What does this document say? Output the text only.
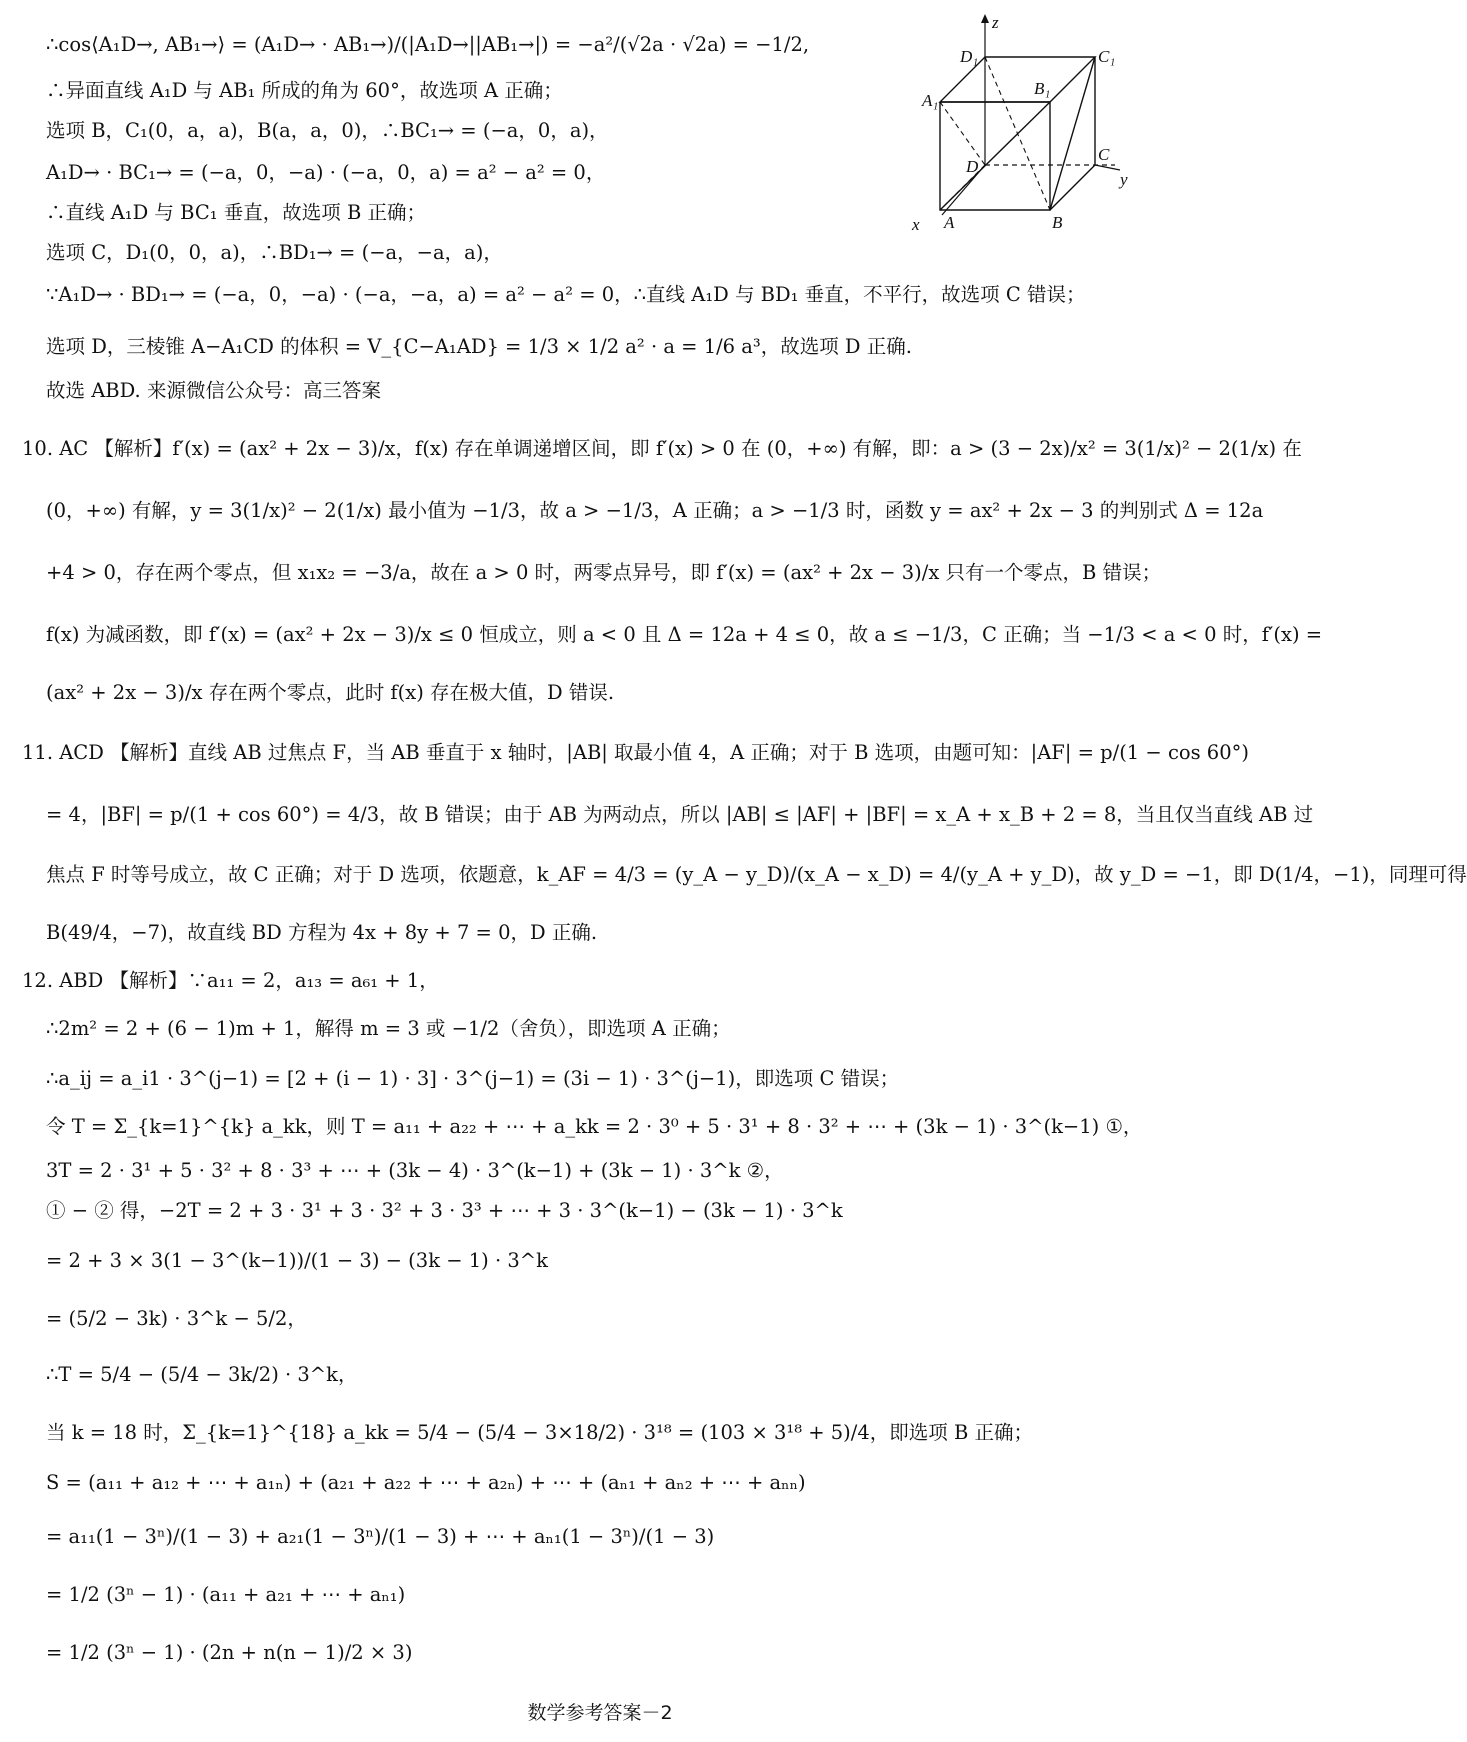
z
y
x
D₁	C₁
A₁
B₁
D
C
A	B
∴cos⟨A₁D→, AB₁→⟩ = (A₁D→ · AB₁→)/(|A₁D→||AB₁→|) = −a²/(√2a · √2a) = −1/2,
∴异面直线 A₁D 与 AB₁ 所成的角为 60°，故选项 A 正确；
选项 B，C₁(0，a，a)，B(a，a，0)，∴BC₁→ = (−a，0，a)，
A₁D→ · BC₁→ = (−a，0，−a) · (−a，0，a) = a² − a² = 0，
∴直线 A₁D 与 BC₁ 垂直，故选项 B 正确；
选项 C，D₁(0，0，a)，∴BD₁→ = (−a，−a，a)，
∵A₁D→ · BD₁→ = (−a，0，−a) · (−a，−a，a) = a² − a² = 0，∴直线 A₁D 与 BD₁ 垂直，不平行，故选项 C 错误；
选项 D，三棱锥 A−A₁CD 的体积 = V_{C−A₁AD} = 1/3 × 1/2 a² · a = 1/6 a³，故选项 D 正确.
故选 ABD. 来源微信公众号：高三答案
10. AC 【解析】f′(x) = (ax² + 2x − 3)/x，f(x) 存在单调递增区间，即 f′(x) > 0 在 (0，+∞) 有解，即：a > (3 − 2x)/x² = 3(1/x)² − 2(1/x) 在
(0，+∞) 有解，y = 3(1/x)² − 2(1/x) 最小值为 −1/3，故 a > −1/3，A 正确；a > −1/3 时，函数 y = ax² + 2x − 3 的判别式 Δ = 12a
+4 > 0，存在两个零点，但 x₁x₂ = −3/a，故在 a > 0 时，两零点异号，即 f′(x) = (ax² + 2x − 3)/x 只有一个零点，B 错误；
f(x) 为减函数，即 f′(x) = (ax² + 2x − 3)/x ≤ 0 恒成立，则 a < 0 且 Δ = 12a + 4 ≤ 0，故 a ≤ −1/3，C 正确；当 −1/3 < a < 0 时，f′(x) =
(ax² + 2x − 3)/x 存在两个零点，此时 f(x) 存在极大值，D 错误.
11. ACD 【解析】直线 AB 过焦点 F，当 AB 垂直于 x 轴时，|AB| 取最小值 4，A 正确；对于 B 选项，由题可知：|AF| = p/(1 − cos 60°)
= 4，|BF| = p/(1 + cos 60°) = 4/3，故 B 错误；由于 AB 为两动点，所以 |AB| ≤ |AF| + |BF| = x_A + x_B + 2 = 8，当且仅当直线 AB 过
焦点 F 时等号成立，故 C 正确；对于 D 选项，依题意，k_AF = 4/3 = (y_A − y_D)/(x_A − x_D) = 4/(y_A + y_D)，故 y_D = −1，即 D(1/4，−1)，同理可得
B(49/4，−7)，故直线 BD 方程为 4x + 8y + 7 = 0，D 正确.
12. ABD 【解析】∵a₁₁ = 2，a₁₃ = a₆₁ + 1，
∴2m² = 2 + (6 − 1)m + 1，解得 m = 3 或 −1/2（舍负），即选项 A 正确；
∴a_ij = a_i1 · 3^(j−1) = [2 + (i − 1) · 3] · 3^(j−1) = (3i − 1) · 3^(j−1)，即选项 C 错误；
令 T = Σ_{k=1}^{k} a_kk，则 T = a₁₁ + a₂₂ + ⋯ + a_kk = 2 · 3⁰ + 5 · 3¹ + 8 · 3² + ⋯ + (3k − 1) · 3^(k−1) ①，
3T = 2 · 3¹ + 5 · 3² + 8 · 3³ + ⋯ + (3k − 4) · 3^(k−1) + (3k − 1) · 3^k ②，
① − ② 得，−2T = 2 + 3 · 3¹ + 3 · 3² + 3 · 3³ + ⋯ + 3 · 3^(k−1) − (3k − 1) · 3^k
= 2 + 3 × 3(1 − 3^(k−1))/(1 − 3) − (3k − 1) · 3^k
= (5/2 − 3k) · 3^k − 5/2，
∴T = 5/4 − (5/4 − 3k/2) · 3^k，
当 k = 18 时，Σ_{k=1}^{18} a_kk = 5/4 − (5/4 − 3×18/2) · 3¹⁸ = (103 × 3¹⁸ + 5)/4，即选项 B 正确；
S = (a₁₁ + a₁₂ + ⋯ + a₁ₙ) + (a₂₁ + a₂₂ + ⋯ + a₂ₙ) + ⋯ + (aₙ₁ + aₙ₂ + ⋯ + aₙₙ)
= a₁₁(1 − 3ⁿ)/(1 − 3) + a₂₁(1 − 3ⁿ)/(1 − 3) + ⋯ + aₙ₁(1 − 3ⁿ)/(1 − 3)
= 1/2 (3ⁿ − 1) · (a₁₁ + a₂₁ + ⋯ + aₙ₁)
= 1/2 (3ⁿ − 1) · (2n + n(n − 1)/2 × 3)
数学参考答案－2
